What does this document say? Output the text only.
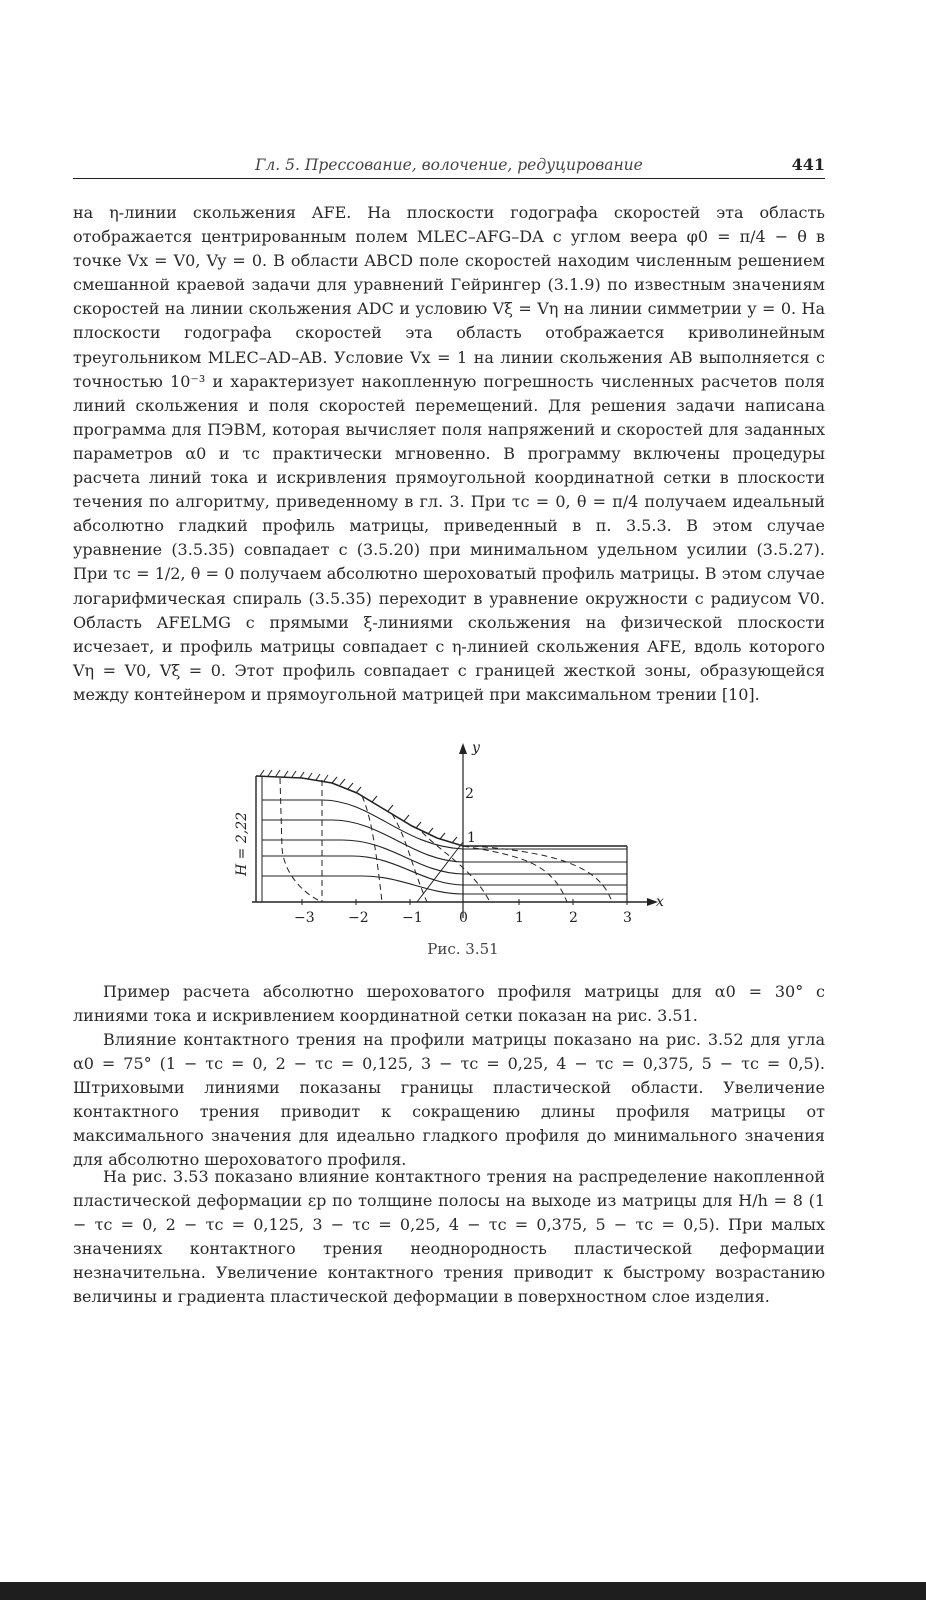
Гл. 5. Прессование, волочение, редуцирование	441

на η-линии скольжения AFE. На плоскости годографа скоростей эта область отображается центрированным полем MLEC–AFG–DA с углом веера φ0 = π/4 − θ в точке Vx = V0, Vy = 0. В области ABCD поле скоростей находим численным решением смешанной краевой задачи для уравнений Гейрингер (3.1.9) по известным значениям скоростей на линии скольжения ADC и условию Vξ = Vη на линии симметрии y = 0. На плоскости годографа скоростей эта область отображается криволинейным треугольником MLEC–AD–AB. Условие Vx = 1 на линии скольжения AB выполняется с точностью 10⁻³ и характеризует накопленную погрешность численных расчетов поля линий скольжения и поля скоростей перемещений. Для решения задачи написана программа для ПЭВМ, которая вычисляет поля напряжений и скоростей для заданных параметров α0 и τc практически мгновенно. В программу включены процедуры расчета линий тока и искривления прямоугольной координатной сетки в плоскости течения по алгоритму, приведенному в гл. 3. При τc = 0, θ = π/4 получаем идеальный абсолютно гладкий профиль матрицы, приведенный в п. 3.5.3. В этом случае уравнение (3.5.35) совпадает с (3.5.20) при минимальном удельном усилии (3.5.27). При τc = 1/2, θ = 0 получаем абсолютно шероховатый профиль матрицы. В этом случае логарифмическая спираль (3.5.35) переходит в уравнение окружности с радиусом V0. Область AFELMG с прямыми ξ-линиями скольжения на физической плоскости исчезает, и профиль матрицы совпадает с η-линией скольжения AFE, вдоль которого Vη = V0, Vξ = 0. Этот профиль совпадает с границей жесткой зоны, образующейся между контейнером и прямоугольной матрицей при максимальном трении [10].

−3 −2 −1	0	1	2	3
1
2
y
x
H = 2,22
Рис. 3.51

Пример расчета абсолютно шероховатого профиля матрицы для α0 = 30° с линиями тока и искривлением координатной сетки показан на рис. 3.51.

Влияние контактного трения на профили матрицы показано на рис. 3.52 для угла α0 = 75° (1 − τc = 0, 2 − τc = 0,125, 3 − τc = 0,25, 4 − τc = 0,375, 5 − τc = 0,5). Штриховыми линиями показаны границы пластической области. Увеличение контактного трения приводит к сокращению длины профиля матрицы от максимального значения для идеально гладкого профиля до минимального значения для абсолютно шероховатого профиля.

На рис. 3.53 показано влияние контактного трения на распределение накопленной пластической деформации εp по толщине полосы на выходе из матрицы для H/h = 8 (1 − τc = 0, 2 − τc = 0,125, 3 − τc = 0,25, 4 − τc = 0,375, 5 − τc = 0,5). При малых значениях контактного трения неоднородность пластической деформации незначительна. Увеличение контактного трения приводит к быстрому возрастанию величины и градиента пластической деформации в поверхностном слое изделия.
